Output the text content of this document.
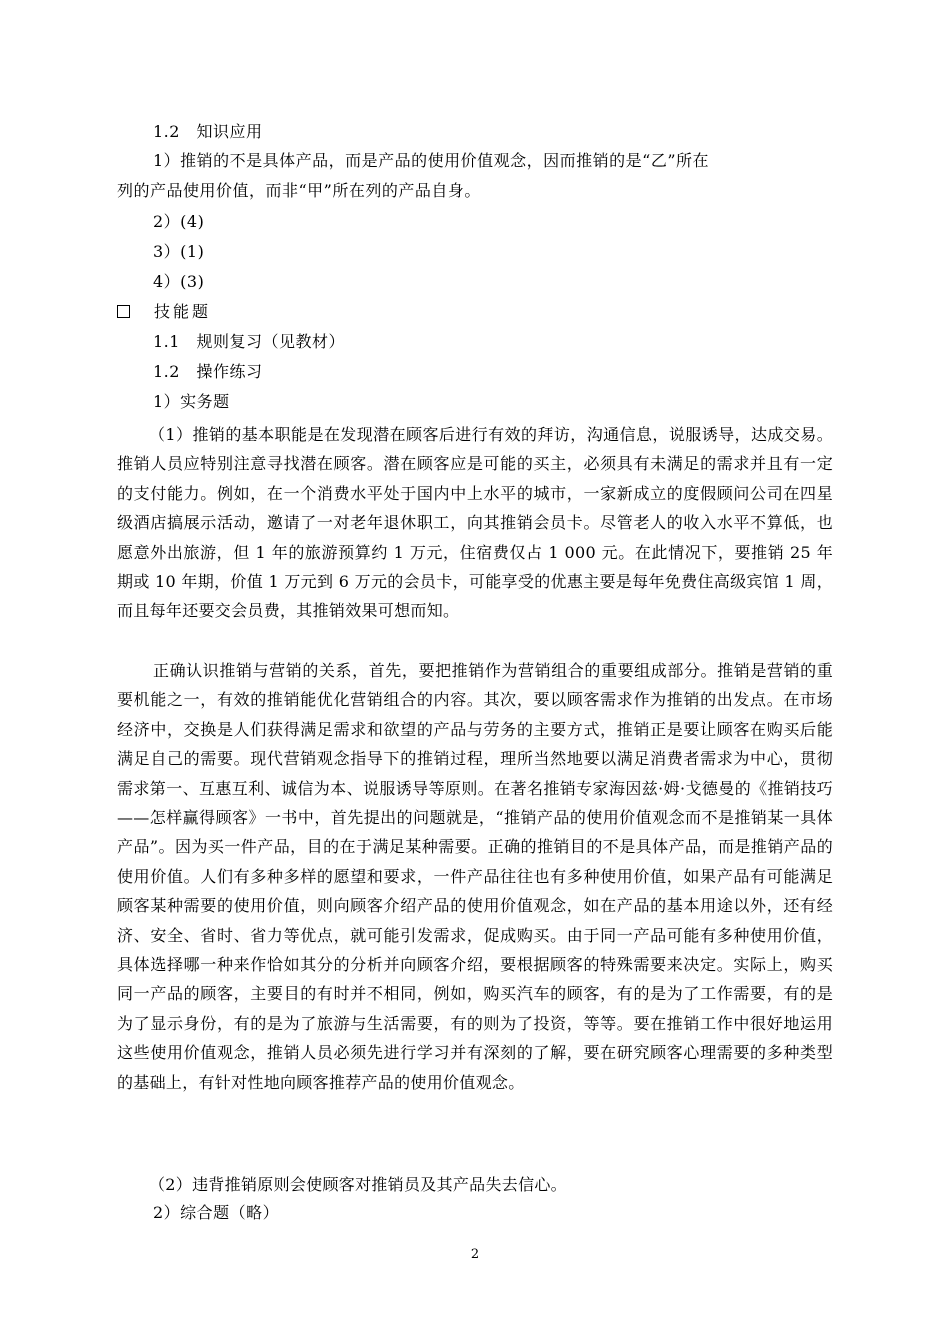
1.2　知识应用
1）推销的不是具体产品，而是产品的使用价值观念，因而推销的是“乙”所在
列的产品使用价值，而非“甲”所在列的产品自身。
2）(4)
3）(1)
4）(3)
技能题
1.1　规则复习（见教材）
1.2　操作练习
1）实务题
（1）推销的基本职能是在发现潜在顾客后进行有效的拜访，沟通信息，说服诱导，达成交易。推销人员应特别注意寻找潜在顾客。潜在顾客应是可能的买主，必须具有未满足的需求并且有一定的支付能力。例如，在一个消费水平处于国内中上水平的城市，一家新成立的度假顾问公司在四星级酒店搞展示活动，邀请了一对老年退休职工，向其推销会员卡。尽管老人的收入水平不算低，也愿意外出旅游，但 1 年的旅游预算约 1 万元，住宿费仅占 1 000 元。在此情况下，要推销 25 年期或 10 年期，价值 1 万元到 6 万元的会员卡，可能享受的优惠主要是每年免费住高级宾馆 1 周，而且每年还要交会员费，其推销效果可想而知。
正确认识推销与营销的关系，首先，要把推销作为营销组合的重要组成部分。推销是营销的重要机能之一，有效的推销能优化营销组合的内容。其次，要以顾客需求作为推销的出发点。在市场经济中，交换是人们获得满足需求和欲望的产品与劳务的主要方式，推销正是要让顾客在购买后能满足自己的需要。现代营销观念指导下的推销过程，理所当然地要以满足消费者需求为中心，贯彻需求第一、互惠互利、诚信为本、说服诱导等原则。在著名推销专家海因兹·姆·戈德曼的《推销技巧——怎样赢得顾客》一书中，首先提出的问题就是，“推销产品的使用价值观念而不是推销某一具体产品”。因为买一件产品，目的在于满足某种需要。正确的推销目的不是具体产品，而是推销产品的使用价值。人们有多种多样的愿望和要求，一件产品往往也有多种使用价值，如果产品有可能满足顾客某种需要的使用价值，则向顾客介绍产品的使用价值观念，如在产品的基本用途以外，还有经济、安全、省时、省力等优点，就可能引发需求，促成购买。由于同一产品可能有多种使用价值，具体选择哪一种来作恰如其分的分析并向顾客介绍，要根据顾客的特殊需要来决定。实际上，购买同一产品的顾客，主要目的有时并不相同，例如，购买汽车的顾客，有的是为了工作需要，有的是为了显示身份，有的是为了旅游与生活需要，有的则为了投资，等等。要在推销工作中很好地运用这些使用价值观念，推销人员必须先进行学习并有深刻的了解，要在研究顾客心理需要的多种类型的基础上，有针对性地向顾客推荐产品的使用价值观念。
（2）违背推销原则会使顾客对推销员及其产品失去信心。
2）综合题（略）
2
